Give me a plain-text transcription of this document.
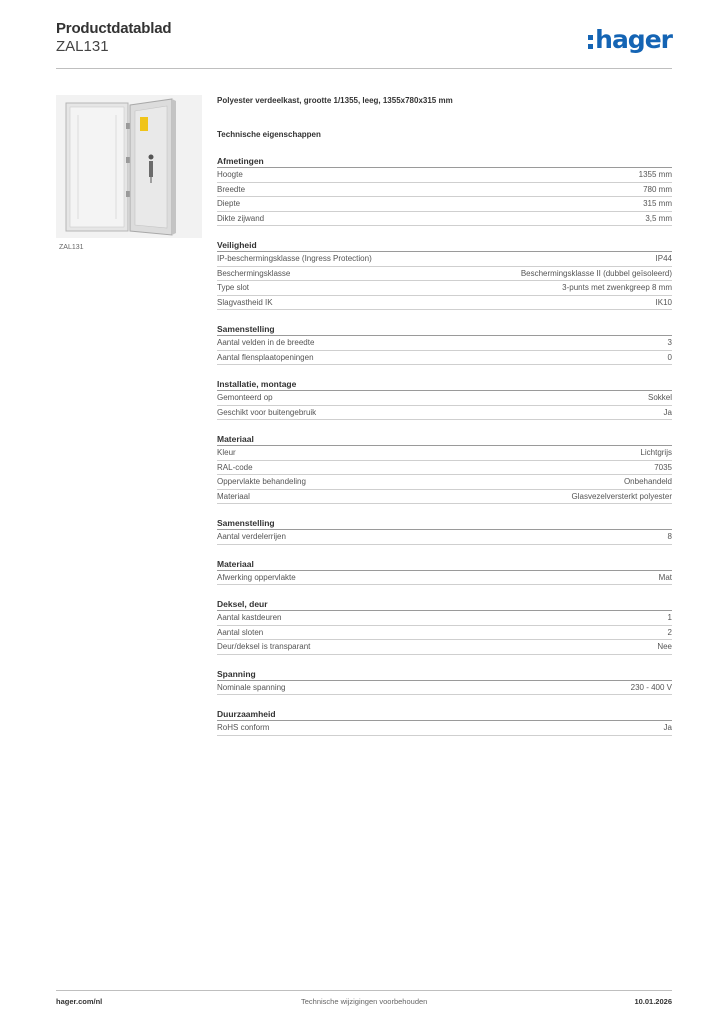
Productdatablad
ZAL131	hager
ZAL131
Polyester verdeelkast, grootte 1/1355, leeg, 1355x780x315 mm
Technische eigenschappen
Afmetingen
Hoogte	1355 mm
Breedte	780 mm
Diepte	315 mm
Dikte zijwand	3,5 mm
Veiligheid
IP-beschermingsklasse (Ingress Protection)	IP44
Beschermingsklasse	Beschermingsklasse II (dubbel geïsoleerd)
Type slot	3-punts met zwenkgreep 8 mm
Slagvastheid IK	IK10
Samenstelling
Aantal velden in de breedte	3
Aantal flensplaatopeningen	0
Installatie, montage
Gemonteerd op	Sokkel
Geschikt voor buitengebruik	Ja
Materiaal
Kleur	Lichtgrijs
RAL-code	7035
Oppervlakte behandeling	Onbehandeld
Materiaal	Glasvezelversterkt polyester
Samenstelling
Aantal verdelerrijen	8
Materiaal
Afwerking oppervlakte	Mat
Deksel, deur
Aantal kastdeuren	1
Aantal sloten	2
Deur/deksel is transparant	Nee
Spanning
Nominale spanning	230 - 400 V
Duurzaamheid
RoHS conform	Ja
hager.com/nl	Technische wijzigingen voorbehouden	10.01.2026
